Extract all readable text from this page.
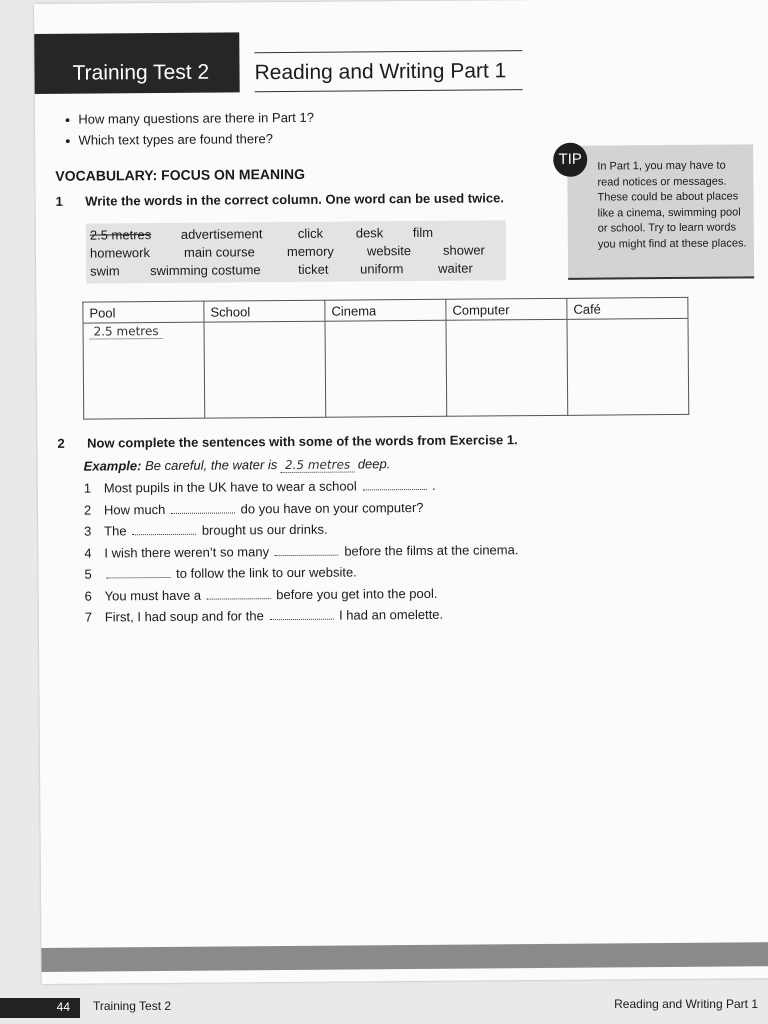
Training Test 2 Reading and Writing Part 1
● How many questions are there in Part 1?
● Which text types are found there?
VOCABULARY: FOCUS ON MEANING
1 Write the words in the correct column. One word can be used twice.
2.5 metres advertisement	click	desk film
homework	main course memory	website shower
swim swimming costume	ticket uniform	waiter
In Part 1, you may have to read notices or messages. These could be about places like a cinema, swimming pool or school. Try to learn words you might find at these places.
TIP
Pool	School	Cinema	Computer	Café
2.5 metres				
2 Now complete the sentences with some of the words from Exercise 1.
Example: Be careful, the water is 2.5 metres deep.
1 Most pupils in the UK have to wear a school	.
2 How much	do you have on your computer?
3 The	brought us our drinks.
4 I wish there weren’t so many	before the films at the cinema.
5	to follow the link to our website.
6 You must have a	before you get into the pool.
7 First, I had soup and for the	I had an omelette.
44 Training Test 2	Reading and Writing Part 1
